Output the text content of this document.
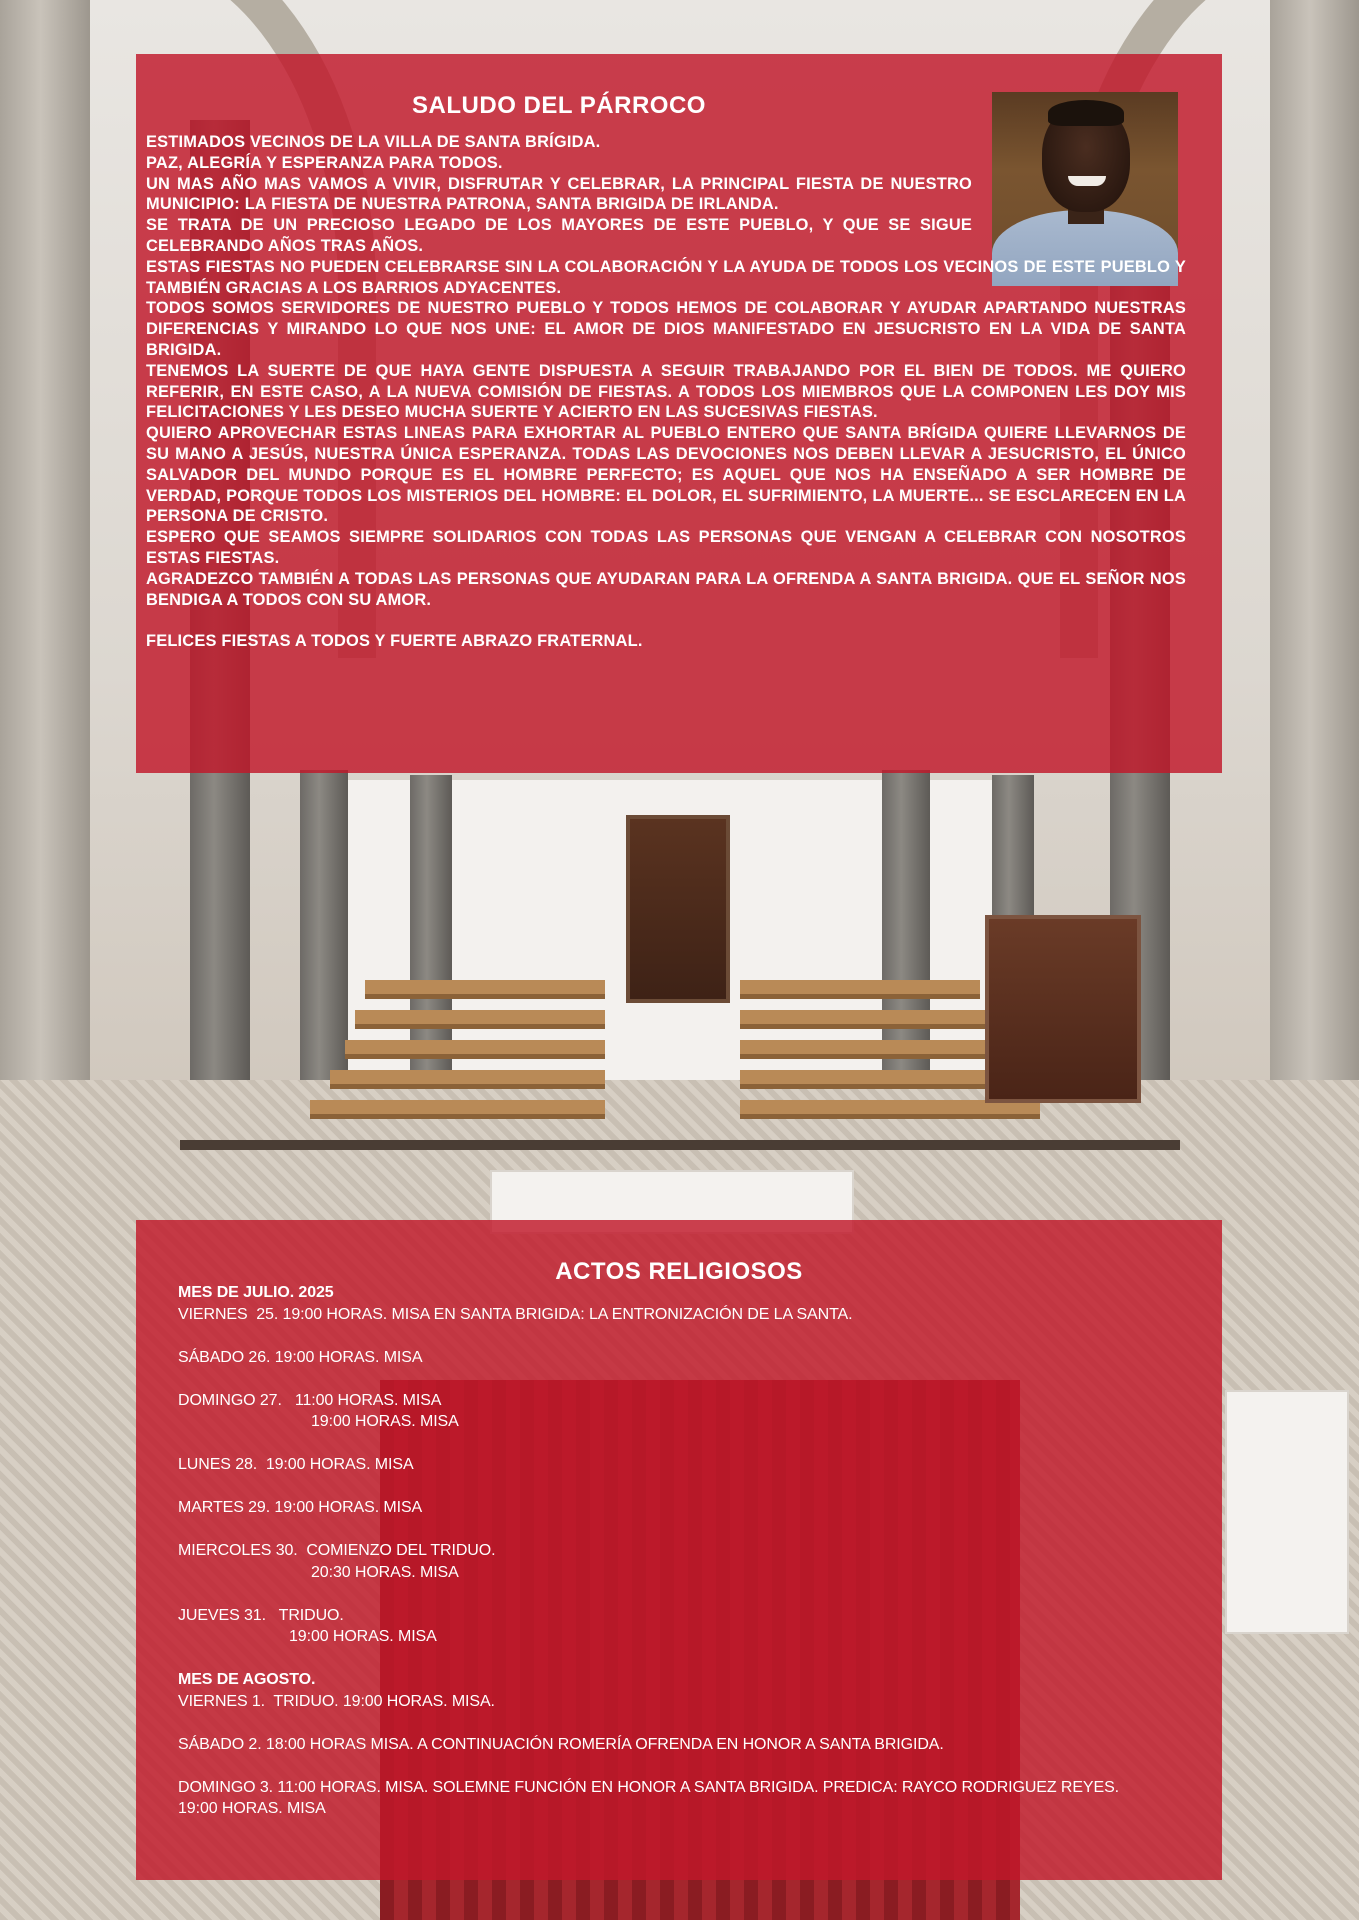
SALUDO DEL PÁRROCO

ESTIMADOS VECINOS DE LA VILLA DE SANTA BRÍGIDA.

PAZ, ALEGRÍA Y ESPERANZA PARA TODOS.

UN MAS AÑO MAS VAMOS A VIVIR, DISFRUTAR Y CELEBRAR, LA PRINCIPAL FIESTA DE NUESTRO MUNICIPIO: LA FIESTA DE NUESTRA PATRONA, SANTA BRIGIDA DE IRLANDA.

SE TRATA DE UN PRECIOSO LEGADO DE LOS MAYORES DE ESTE PUEBLO, Y QUE SE SIGUE CELEBRANDO AÑOS TRAS AÑOS.

ESTAS FIESTAS NO PUEDEN CELEBRARSE SIN LA COLABORACIÓN Y LA AYUDA DE TODOS LOS VECINOS DE ESTE PUEBLO Y TAMBIÉN GRACIAS A LOS BARRIOS ADYACENTES.

TODOS SOMOS SERVIDORES DE NUESTRO PUEBLO Y TODOS HEMOS DE COLABORAR Y AYUDAR APARTANDO NUESTRAS DIFERENCIAS Y MIRANDO LO QUE NOS UNE: EL AMOR DE DIOS MANIFESTADO EN JESUCRISTO EN LA VIDA DE SANTA BRIGIDA.

TENEMOS LA SUERTE DE QUE HAYA GENTE DISPUESTA A SEGUIR TRABAJANDO POR EL BIEN DE TODOS. ME QUIERO REFERIR, EN ESTE CASO, A LA NUEVA COMISIÓN DE FIESTAS. A TODOS LOS MIEMBROS QUE LA COMPONEN LES DOY MIS FELICITACIONES Y LES DESEO MUCHA SUERTE Y ACIERTO EN LAS SUCESIVAS FIESTAS.

QUIERO APROVECHAR ESTAS LINEAS PARA EXHORTAR AL PUEBLO ENTERO QUE SANTA BRÍGIDA QUIERE LLEVARNOS DE SU MANO A JESÚS, NUESTRA ÚNICA ESPERANZA. TODAS LAS DEVOCIONES NOS DEBEN LLEVAR A JESUCRISTO, EL ÚNICO SALVADOR DEL MUNDO PORQUE ES EL HOMBRE PERFECTO; ES AQUEL QUE NOS HA ENSEÑADO A SER HOMBRE DE VERDAD, PORQUE TODOS LOS MISTERIOS DEL HOMBRE: EL DOLOR, EL SUFRIMIENTO, LA MUERTE... SE ESCLARECEN EN LA PERSONA DE CRISTO.

ESPERO QUE SEAMOS SIEMPRE SOLIDARIOS CON TODAS LAS PERSONAS QUE VENGAN A CELEBRAR CON NOSOTROS ESTAS FIESTAS.

AGRADEZCO TAMBIÉN A TODAS LAS PERSONAS QUE AYUDARAN PARA LA OFRENDA A SANTA BRIGIDA. QUE EL SEÑOR NOS BENDIGA A TODOS CON SU AMOR.

FELICES FIESTAS A TODOS Y FUERTE ABRAZO FRATERNAL.

ACTOS RELIGIOSOS
MES DE JULIO. 2025
VIERNES  25. 19:00 HORAS. MISA EN SANTA BRIGIDA: LA ENTRONIZACIÓN DE LA SANTA.
SÁBADO 26. 19:00 HORAS. MISA
DOMINGO 27.   11:00 HORAS. MISA
19:00 HORAS. MISA
LUNES 28.  19:00 HORAS. MISA
MARTES 29. 19:00 HORAS. MISA
MIERCOLES 30.  COMIENZO DEL TRIDUO.
20:30 HORAS. MISA
JUEVES 31.   TRIDUO.
19:00 HORAS. MISA
MES DE AGOSTO.
VIERNES 1.  TRIDUO. 19:00 HORAS. MISA.
SÁBADO 2. 18:00 HORAS MISA. A CONTINUACIÓN ROMERÍA OFRENDA EN HONOR A SANTA BRIGIDA.
DOMINGO 3. 11:00 HORAS. MISA. SOLEMNE FUNCIÓN EN HONOR A SANTA BRIGIDA. PREDICA: RAYCO RODRIGUEZ REYES.
19:00 HORAS. MISA
